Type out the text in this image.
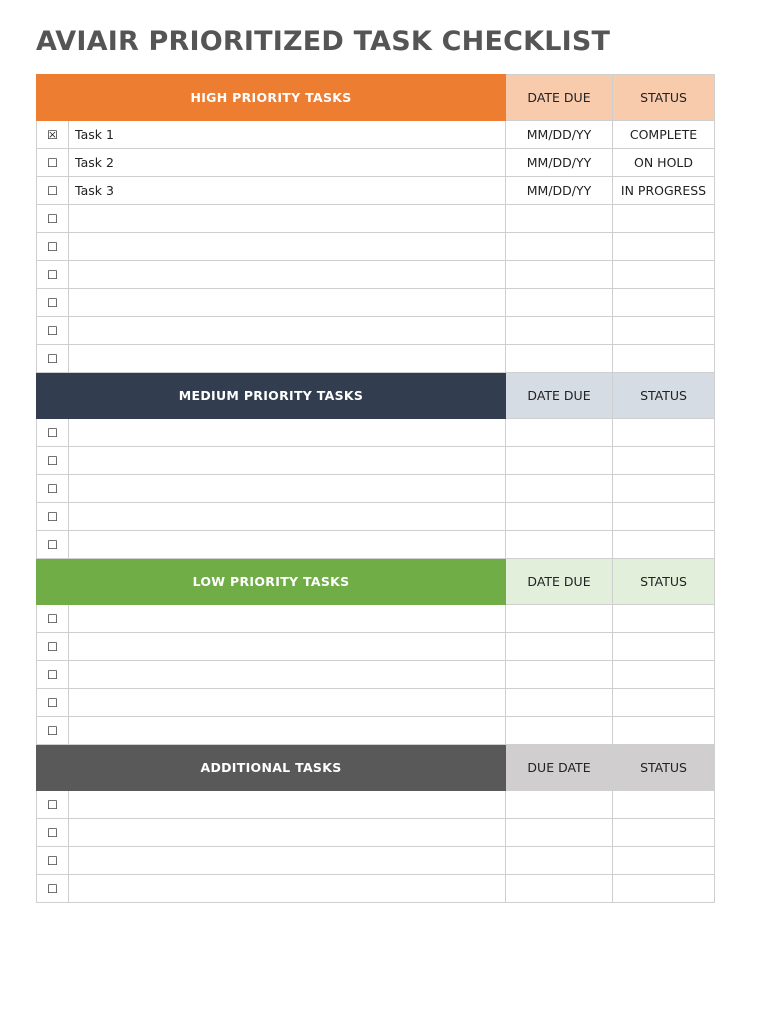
AVIAIR PRIORITIZED TASK CHECKLIST
HIGH PRIORITY TASKS		DATE DUE	STATUS
☒	Task 1	MM/DD/YY	COMPLETE
☐	Task 2	MM/DD/YY	ON HOLD
☐	Task 3	MM/DD/YY	IN PROGRESS
☐			
☐			
☐			
☐			
☐			
☐			
MEDIUM PRIORITY TASKS		DATE DUE	STATUS
☐			
☐			
☐			
☐			
☐			
LOW PRIORITY TASKS		DATE DUE	STATUS
☐			
☐			
☐			
☐			
☐			
ADDITIONAL TASKS		DUE DATE	STATUS
☐			
☐			
☐			
☐			
